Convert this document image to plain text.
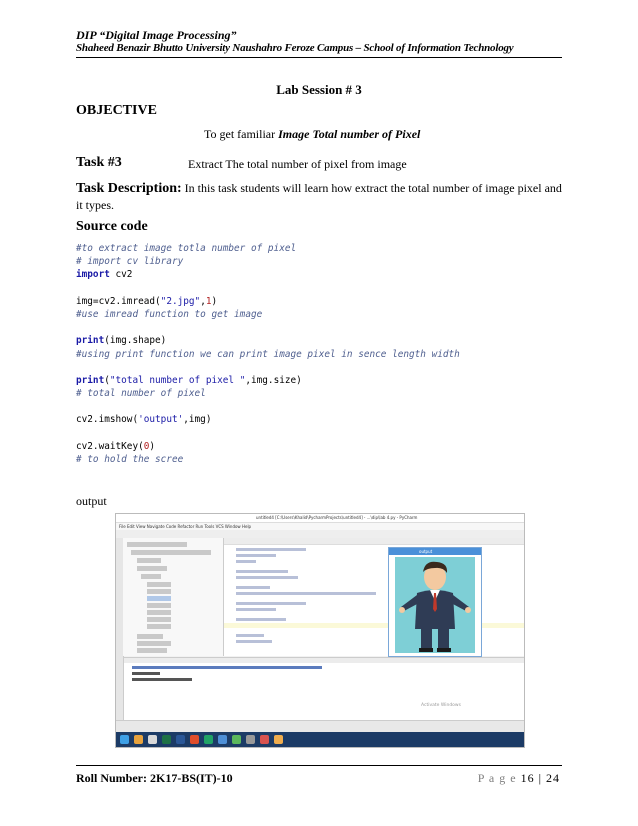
DIP “Digital Image Processing”
Shaheed Benazir Bhutto University Naushahro Feroze Campus – School of Information Technology
Lab Session # 3
OBJECTIVE
To get familiar Image Total number of Pixel
Task #3	Extract The total number of pixel from image
Task Description: In this task students will learn how extract the total number of image pixel and it types.
Source code
#to extract image totla number of pixel
# import cv library
import cv2
img=cv2.imread("2.jpg",1)
#use imread function to get image
print(img.shape)
#using print function we can print image pixel in sence length width
print("total number of pixel ",img.size)
# total number of pixel
cv2.imshow('output',img)
cv2.waitKey(0)
# to hold the scree
output
untitled4 [C:\Users\Khalid\PycharmProjects\untitled4] - ...\dip\lab 4.py - PyCharm
File Edit View Navigate Code Refactor Run Tools VCS Window Help
output
Activate Windows
Roll Number: 2K17-BS(IT)-10	P a g e 16 | 24
